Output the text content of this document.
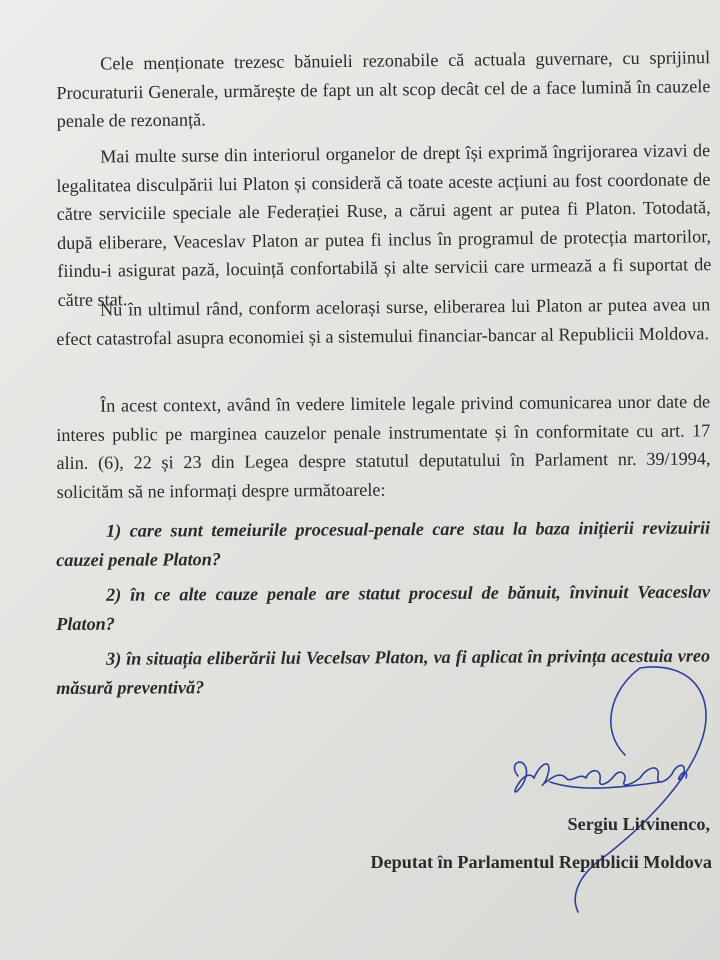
Cele menționate trezesc bănuieli rezonabile că actuala guvernare, cu sprijinul Procuraturii Generale, urmărește de fapt un alt scop decât cel de a face lumină în cauzele penale de rezonanță.

Mai multe surse din interiorul organelor de drept își exprimă îngrijorarea vizavi de legalitatea disculpării lui Platon și consideră că toate aceste acțiuni au fost coordonate de către serviciile speciale ale Federației Ruse, a cărui agent ar putea fi Platon. Totodată, după eliberare, Veaceslav Platon ar putea fi inclus în programul de protecția martorilor, fiindu-i asigurat pază, locuință confortabilă și alte servicii care urmează a fi suportat de către stat.

Nu în ultimul rând, conform acelorași surse, eliberarea lui Platon ar putea avea un efect catastrofal asupra economiei și a sistemului financiar-bancar al Republicii Moldova.

În acest context, având în vedere limitele legale privind comunicarea unor date de interes public pe marginea cauzelor penale instrumentate și în conformitate cu art. 17 alin. (6), 22 și 23 din Legea despre statutul deputatului în Parlament nr. 39/1994, solicităm să ne informați despre următoarele:

1) care sunt temeiurile procesual-penale care stau la baza inițierii revizuirii cauzei penale Platon?

2) în ce alte cauze penale are statut procesul de bănuit, învinuit Veaceslav Platon?

3) în situația eliberării lui Vecelsav Platon, va fi aplicat în privința acestuia vreo măsură preventivă?

Sergiu Litvinenco,

Deputat în Parlamentul Republicii Moldova
